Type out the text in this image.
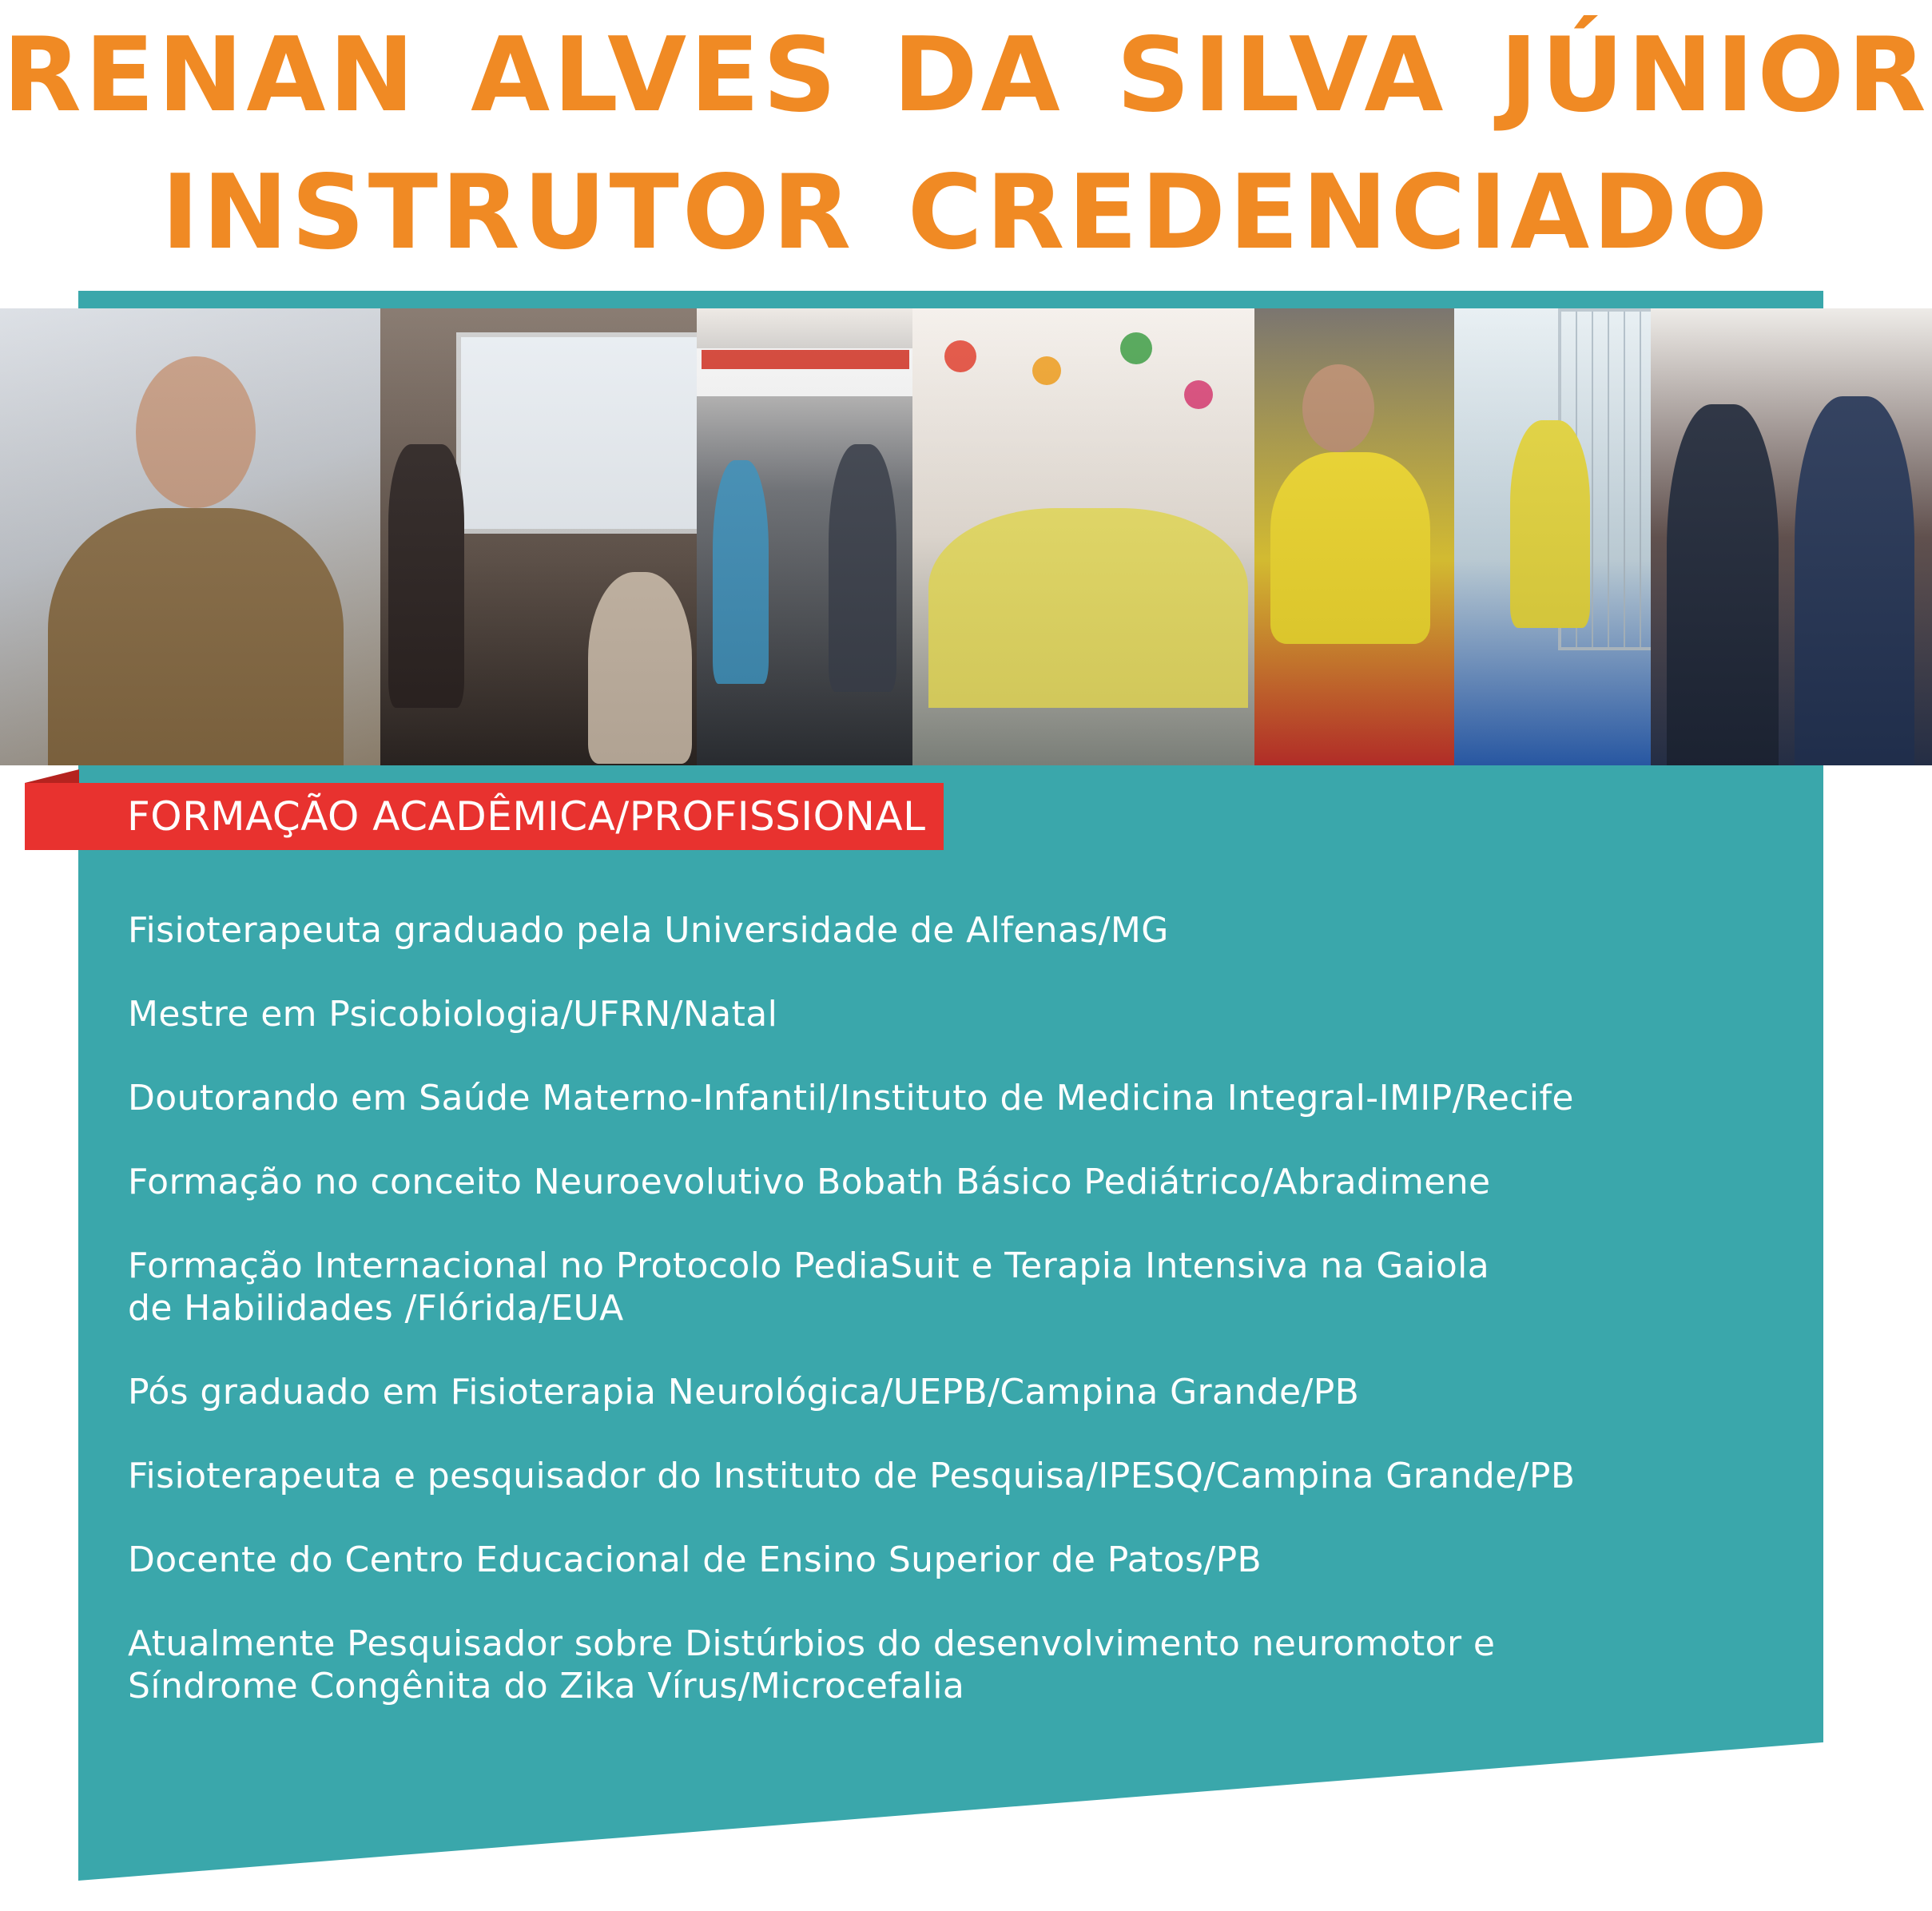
RENAN ALVES DA SILVA JÚNIOR
INSTRUTOR CREDENCIADO
FORMAÇÃO ACADÊMICA/PROFISSIONAL
Fisioterapeuta graduado pela Universidade de Alfenas/MG
Mestre em Psicobiologia/UFRN/Natal
Doutorando em Saúde Materno-Infantil/Instituto de Medicina Integral-IMIP/Recife
Formação no conceito Neuroevolutivo Bobath Básico Pediátrico/Abradimene
Formação Internacional no Protocolo PediaSuit e Terapia Intensiva na Gaiola
de Habilidades /Flórida/EUA
Pós graduado em Fisioterapia Neurológica/UEPB/Campina Grande/PB
Fisioterapeuta e pesquisador do Instituto de Pesquisa/IPESQ/Campina Grande/PB
Docente do Centro Educacional de Ensino Superior de Patos/PB
Atualmente Pesquisador sobre Distúrbios do desenvolvimento neuromotor e
Síndrome Congênita do Zika Vírus/Microcefalia
